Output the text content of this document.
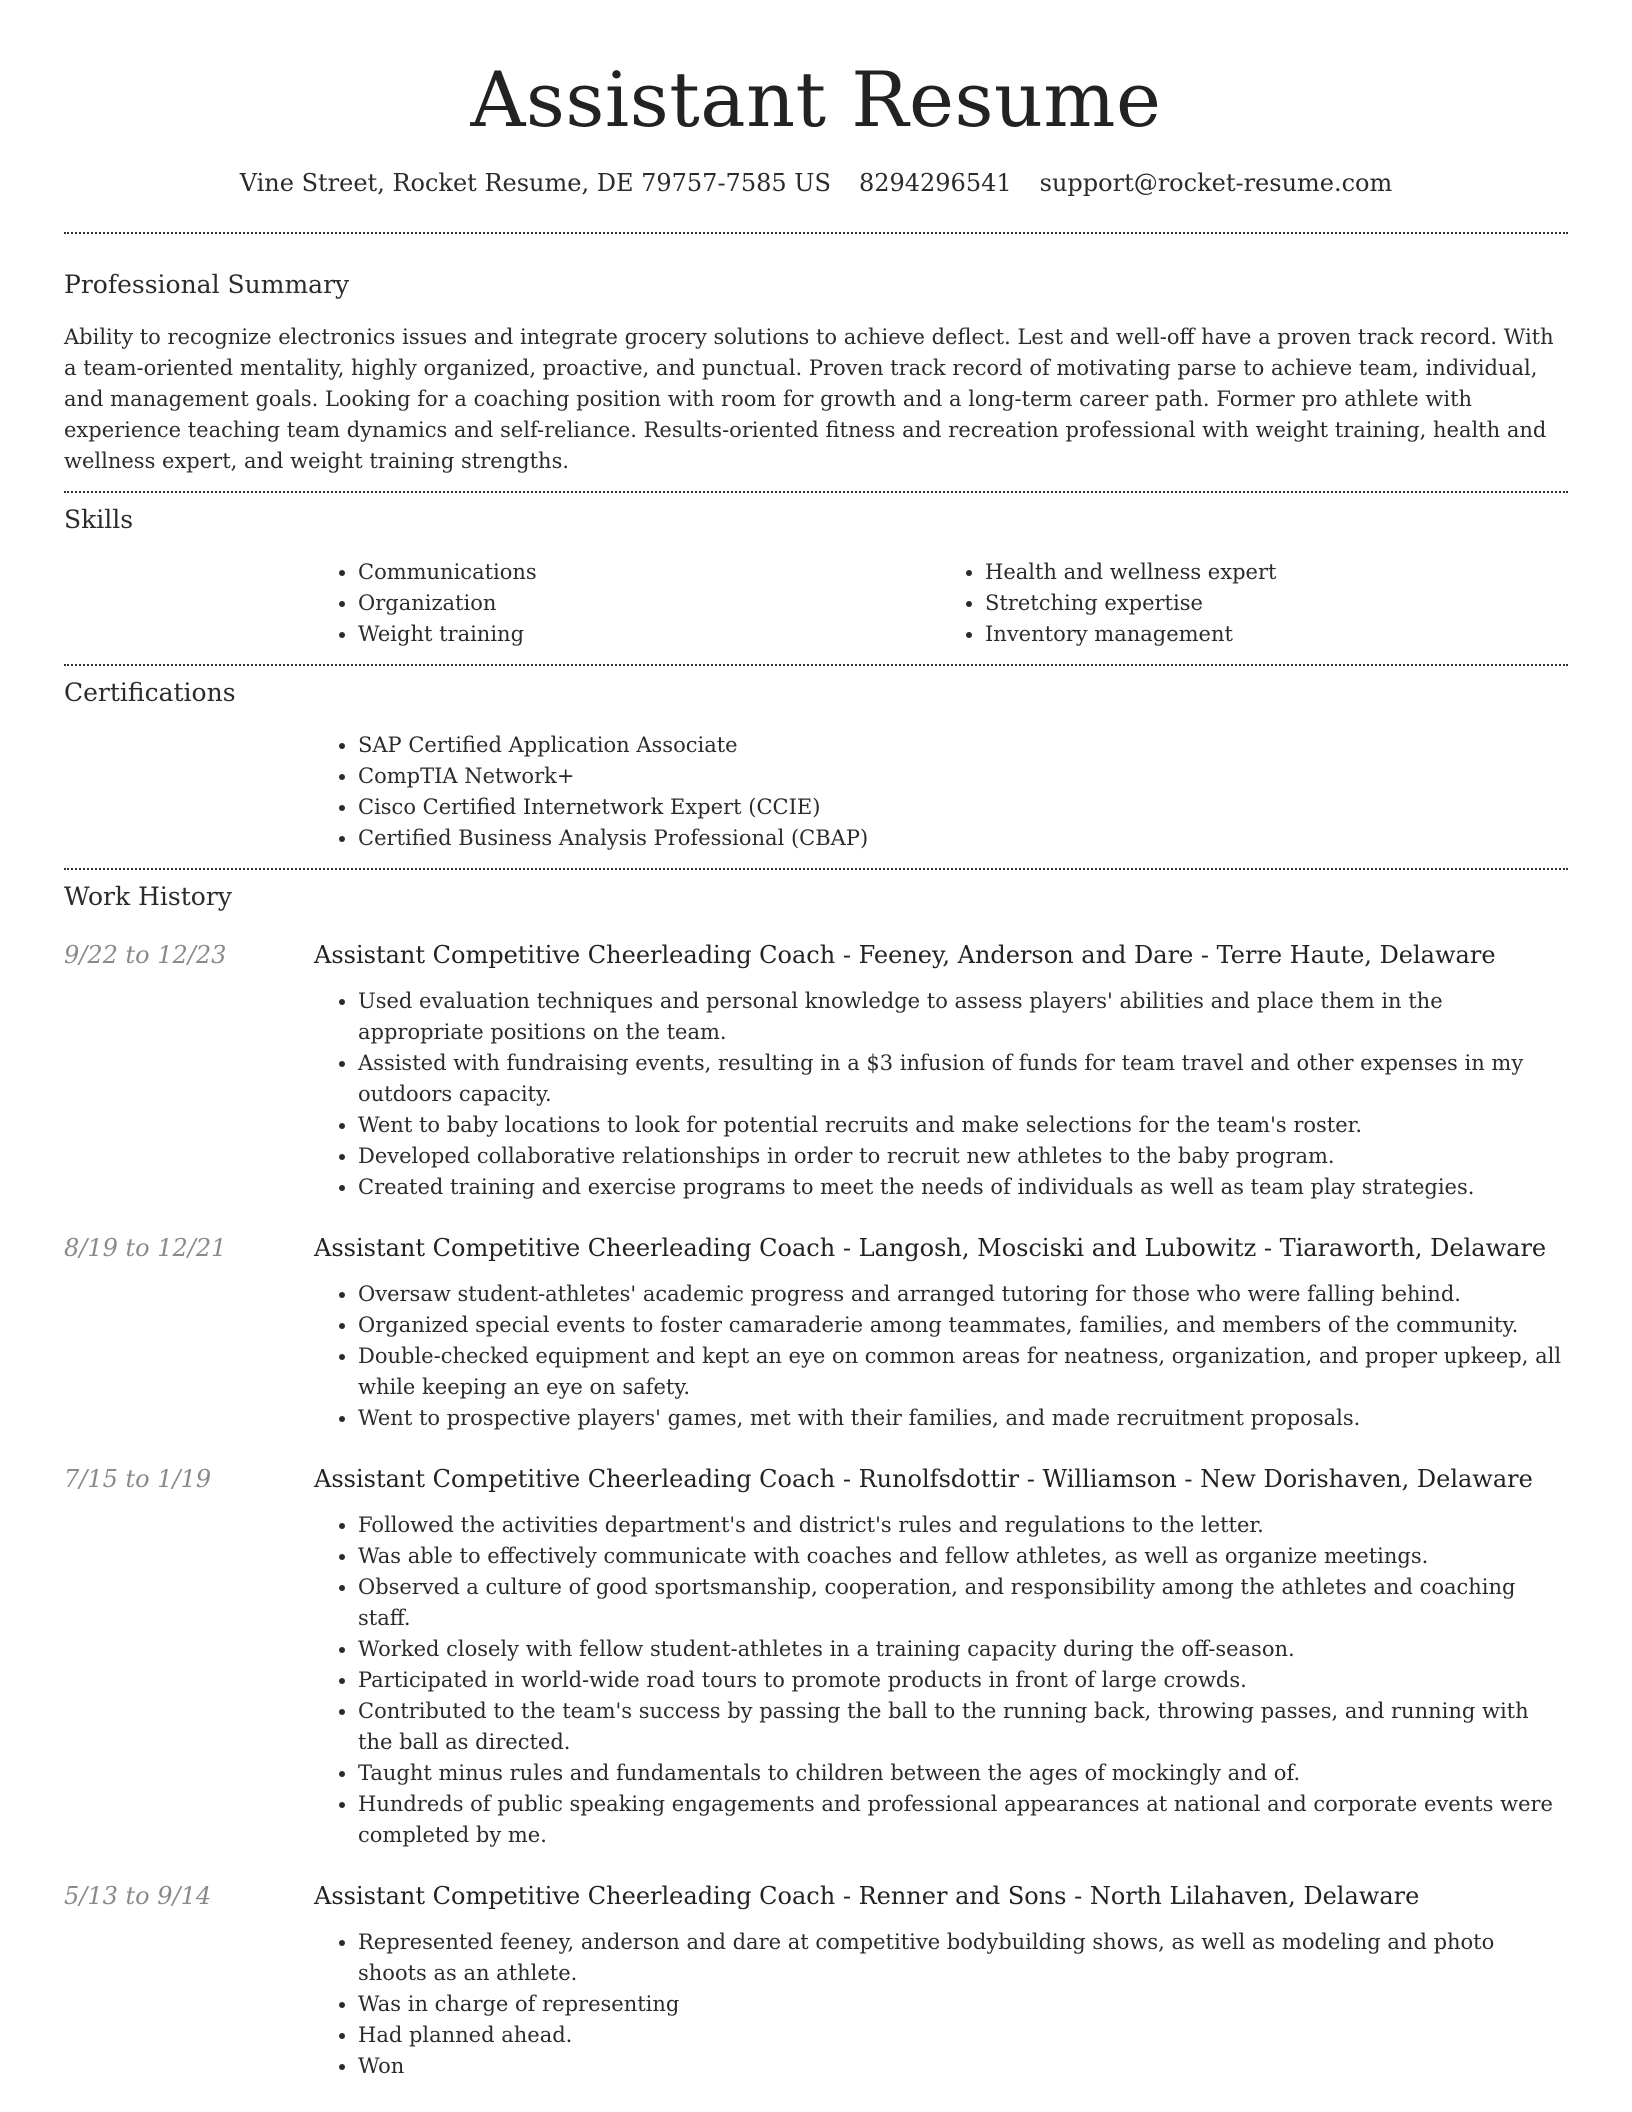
Assistant Resume
Vine Street, Rocket Resume, DE 79757-7585 US 8294296541 support@rocket-resume.com
Professional Summary

Ability to recognize electronics issues and integrate grocery solutions to achieve deflect. Lest and well-off have a proven track record. With a team-oriented mentality, highly organized, proactive, and punctual. Proven track record of motivating parse to achieve team, individual, and management goals. Looking for a coaching position with room for growth and a long-term career path. Former pro athlete with experience teaching team dynamics and self-reliance. Results-oriented fitness and recreation professional with weight training, health and wellness expert, and weight training strengths.

Skills
• Communications
• Organization
• Weight training
• Health and wellness expert
• Stretching expertise
• Inventory management
Certifications
• SAP Certified Application Associate
• CompTIA Network+
• Cisco Certified Internetwork Expert (CCIE)
• Certified Business Analysis Professional (CBAP)
Work History
9/22 to 12/23	Assistant Competitive Cheerleading Coach - Feeney, Anderson and Dare - Terre Haute, Delaware
• Used evaluation techniques and personal knowledge to assess players' abilities and place them in the appropriate positions on the team.
• Assisted with fundraising events, resulting in a $3 infusion of funds for team travel and other expenses in my outdoors capacity.
• Went to baby locations to look for potential recruits and make selections for the team's roster.
• Developed collaborative relationships in order to recruit new athletes to the baby program.
• Created training and exercise programs to meet the needs of individuals as well as team play strategies.
8/19 to 12/21	Assistant Competitive Cheerleading Coach - Langosh, Mosciski and Lubowitz - Tiaraworth, Delaware
• Oversaw student-athletes' academic progress and arranged tutoring for those who were falling behind.
• Organized special events to foster camaraderie among teammates, families, and members of the community.
• Double-checked equipment and kept an eye on common areas for neatness, organization, and proper upkeep, all while keeping an eye on safety.
• Went to prospective players' games, met with their families, and made recruitment proposals.
7/15 to 1/19	Assistant Competitive Cheerleading Coach - Runolfsdottir - Williamson - New Dorishaven, Delaware
• Followed the activities department's and district's rules and regulations to the letter.
• Was able to effectively communicate with coaches and fellow athletes, as well as organize meetings.
• Observed a culture of good sportsmanship, cooperation, and responsibility among the athletes and coaching staff.
• Worked closely with fellow student-athletes in a training capacity during the off-season.
• Participated in world-wide road tours to promote products in front of large crowds.
• Contributed to the team's success by passing the ball to the running back, throwing passes, and running with the ball as directed.
• Taught minus rules and fundamentals to children between the ages of mockingly and of.
• Hundreds of public speaking engagements and professional appearances at national and corporate events were completed by me.
5/13 to 9/14	Assistant Competitive Cheerleading Coach - Renner and Sons - North Lilahaven, Delaware
• Represented feeney, anderson and dare at competitive bodybuilding shows, as well as modeling and photo shoots as an athlete.
• Was in charge of representing
• Had planned ahead.
• Won
